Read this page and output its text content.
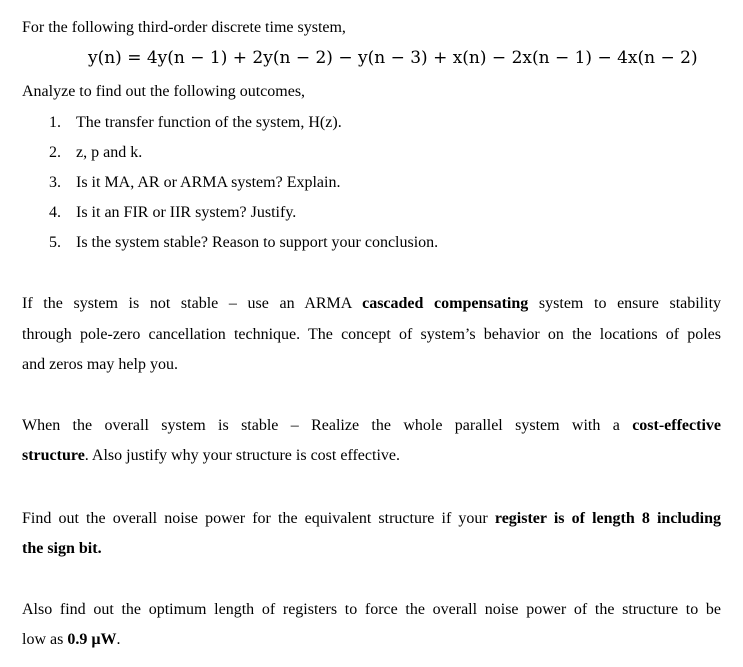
For the following third-order discrete time system,
y(n) = 4y(n − 1) + 2y(n − 2) − y(n − 3) + x(n) − 2x(n − 1) − 4x(n − 2)
Analyze to find out the following outcomes,
1. The transfer function of the system, H(z).
2. z, p and k.
3. Is it MA, AR or ARMA system? Explain.
4. Is it an FIR or IIR system? Justify.
5. Is the system stable? Reason to support your conclusion.
If the system is not stable – use an ARMA cascaded compensating system to ensure stability
through pole-zero cancellation technique. The concept of system’s behavior on the locations of poles
and zeros may help you.
When the overall system is stable – Realize the whole parallel system with a cost-effective
structure. Also justify why your structure is cost effective.
Find out the overall noise power for the equivalent structure if your register is of length 8 including
the sign bit.
Also find out the optimum length of registers to force the overall noise power of the structure to be
low as 0.9 µW.
